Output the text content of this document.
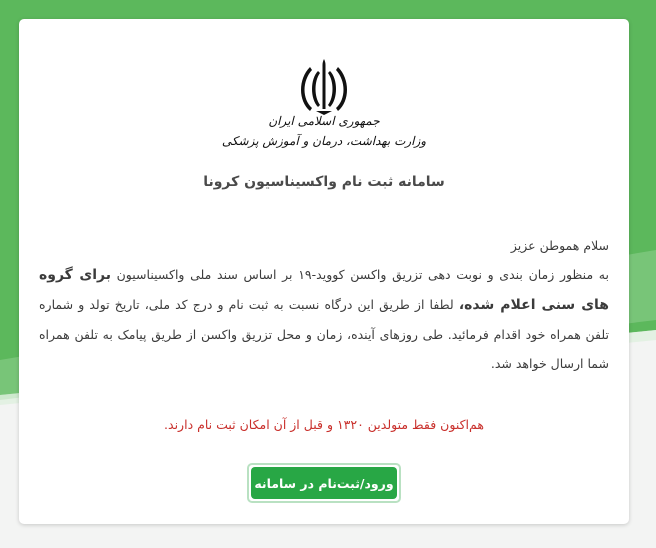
جمهوری اسلامی ایران
وزارت بهداشت، درمان و آموزش پزشکی
سامانه ثبت نام واکسیناسیون کرونا
سلام هموطن عزیز
به منظور زمان بندی و نوبت دهی تزریق واکسن کووید-۱۹ بر اساس سند ملی واکسیناسیون برای گروه های سنی اعلام شده، لطفا از طریق این درگاه نسبت به ثبت نام و درج کد ملی، تاریخ تولد و شماره تلفن همراه خود اقدام فرمائید. طی روزهای آینده، زمان و محل تزریق واکسن از طریق پیامک به تلفن همراه شما ارسال خواهد شد.
هم‌اکنون فقط متولدین ۱۳۲۰ و قبل از آن امکان ثبت نام دارند.
ورود/ثبت‌نام در سامانه
